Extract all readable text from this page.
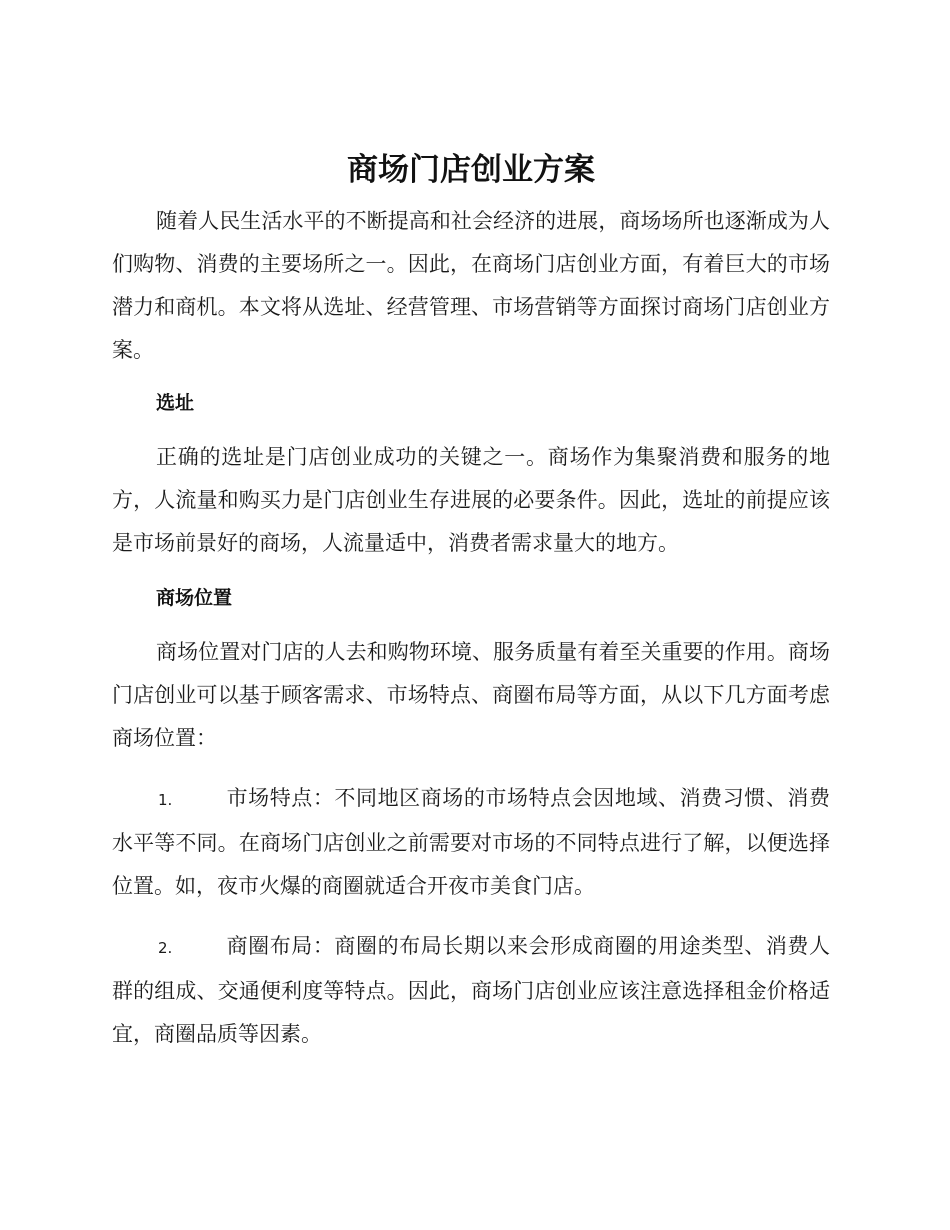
商场门店创业方案

随着人民生活水平的不断提高和社会经济的进展，商场场所也逐渐成为人们购物、消费的主要场所之一。因此，在商场门店创业方面，有着巨大的市场潜力和商机。本文将从选址、经营管理、市场营销等方面探讨商场门店创业方案。

选址

正确的选址是门店创业成功的关键之一。商场作为集聚消费和服务的地方，人流量和购买力是门店创业生存进展的必要条件。因此，选址的前提应该是市场前景好的商场，人流量适中，消费者需求量大的地方。

商场位置

商场位置对门店的人去和购物环境、服务质量有着至关重要的作用。商场门店创业可以基于顾客需求、市场特点、商圈布局等方面，从以下几方面考虑商场位置：

1.	市场特点：不同地区商场的市场特点会因地域、消费习惯、消费水平等不同。在商场门店创业之前需要对市场的不同特点进行了解，以便选择位置。如，夜市火爆的商圈就适合开夜市美食门店。

2.	商圈布局：商圈的布局长期以来会形成商圈的用途类型、消费人群的组成、交通便利度等特点。因此，商场门店创业应该注意选择租金价格适宜，商圈品质等因素。
